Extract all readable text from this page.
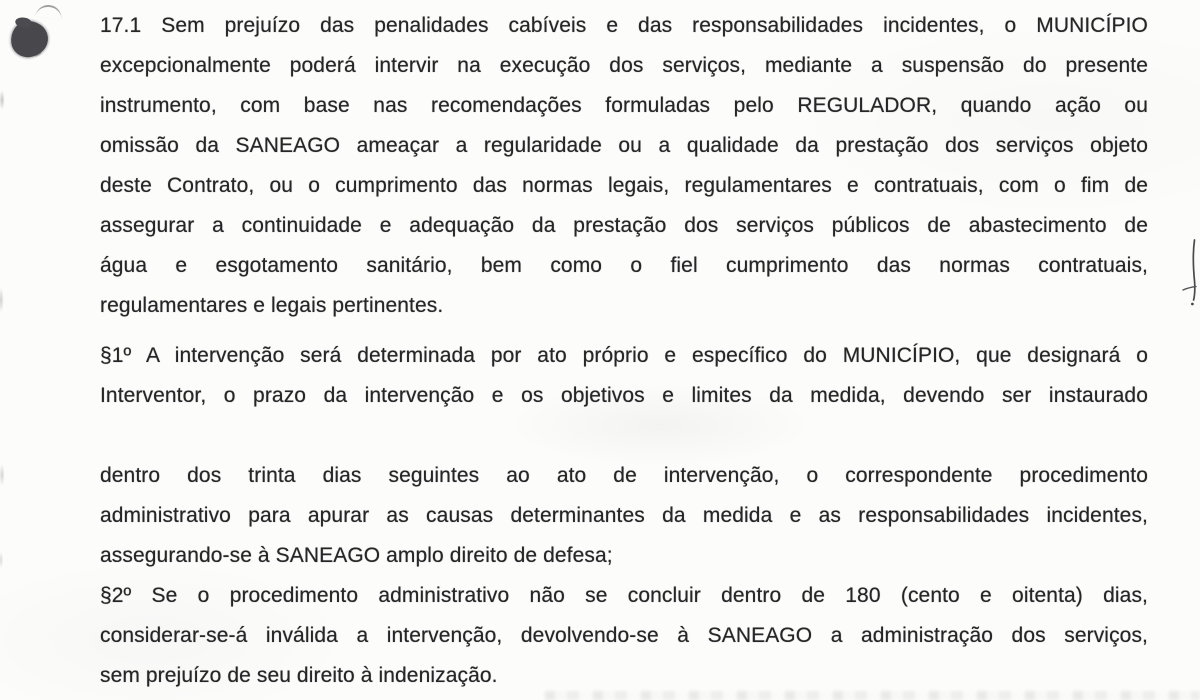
17.1 Sem prejuízo das penalidades cabíveis e das responsabilidades incidentes, o MUNICÍPIO
excepcionalmente poderá intervir na execução dos serviços, mediante a suspensão do presente
instrumento, com base nas recomendações formuladas pelo REGULADOR, quando ação ou
omissão da SANEAGO ameaçar a regularidade ou a qualidade da prestação dos serviços objeto
deste Contrato, ou o cumprimento das normas legais, regulamentares e contratuais, com o fim de
assegurar a continuidade e adequação da prestação dos serviços públicos de abastecimento de
água e esgotamento sanitário, bem como o fiel cumprimento das normas contratuais,
regulamentares e legais pertinentes.
§1º A intervenção será determinada por ato próprio e específico do MUNICÍPIO, que designará o
Interventor, o prazo da intervenção e os objetivos e limites da medida, devendo ser instaurado
dentro dos trinta dias seguintes ao ato de intervenção, o correspondente procedimento
administrativo para apurar as causas determinantes da medida e as responsabilidades incidentes,
assegurando-se à SANEAGO amplo direito de defesa;
§2º Se o procedimento administrativo não se concluir dentro de 180 (cento e oitenta) dias,
considerar-se-á inválida a intervenção, devolvendo-se à SANEAGO a administração dos serviços,
sem prejuízo de seu direito à indenização.
